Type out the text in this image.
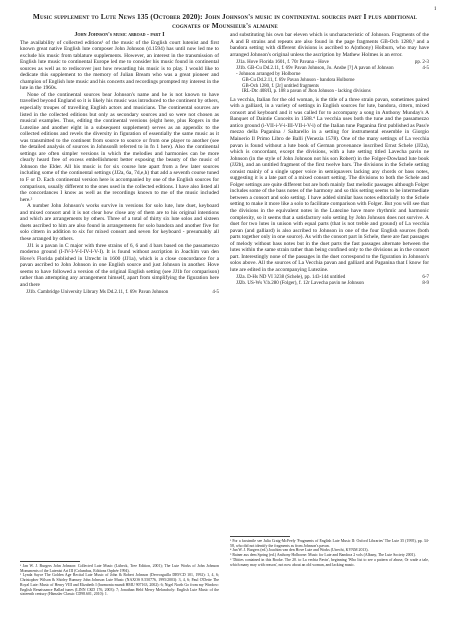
i
Music supplement to Lute News 135 (October 2020): John Johnson's music in continental sources part I plus additional cognates of Mounsieur's almaine
John Johnson's music abroad - part I

The availability of collected editions¹ of the music of the English court lutenist and first known great native English lute composer John Johnson (d.1594) has until now led me to exclude his music from tablature supplements. However, an interest in the transmission of English lute music to continental Europe led me to consider his music found in continental sources as well as to rediscover just how rewarding his music is to play. I would like to dedicate this supplement to the memory of Julian Bream who was a great pioneer and champion of English lute music and his concerts and recordings prompted my interest in the lute in the 1960s.

None of the continental sources bear Johnson's name and he is not known to have travelled beyond England so it is likely his music was introduced to the continent by others, especially troupes of travelling English actors and musicians. The continental sources are listed in the collected editions but only as secondary sources and so were not chosen as musical examples. Thus, editing the continental versions (eight here, plus Rogers in the Lutezine and another eight in a subsequent supplement) serves as an appendix to the collected editions and revels the diversity in figuration of essentially the same music as it was transmitted to the continent from source to source or from one player to another (see the detailed analysis of sources in JohnsonB referred to in fn 1 here). Also the continental settings are often simpler versions in which the melodies and harmonies can be more clearly heard free of excess embellishment better exposing the beauty of the music of Johnson the Elder. All his music is for six course lute apart from a few later sources including some of the continental settings (JJ2a, 6a, 7d,e,h) that add a seventh course tuned to F or D. Each continental version here is accompanied by one of the English sources for comparison, usually different to the ones used in the collected editions. I have also listed all the concordances I know as well as the recordings known to me of the music included here.²

A number John Johnson's works survive in versions for solo lute, lute duet, keyboard and mixed consort and it is not clear how close any of them are to his original intentions and which are arrangements by others. Three of a total of thirty six lute solos and sixteen duets ascribed to him are also found in arrangements for solo bandora and another five for solo cittern in addition to six for mixed consort and seven for keyboard - presumably all these arranged by others.

JJ1 is a pavan in C major with three strains of 6, 6 and 4 bars based on the passamezzo moderno ground (I-IV-I-V-I-IV-I-V-I). It is found without ascription in Joachim van den Hove's Florida published in Utrecht in 1600 (JJ1a), which is a close concordance for a pavan ascribed to John Johnson in one English source and just Johnson in another. Hove seems to have followed a version of the original English setting (see JJ1b for comparison) rather than attempting any arrangement himself, apart from simplifying the figuration here and there

JJ1b. Cambridge University Library Ms Dd.2.11, f. 69v Pavan Johnson	4-5

¹ Jan W. J. Burgers John Johnson: Collected Lute Music (Lübeck, Tree Edition, 2001); The Lute Works of John Johnson Monuments of the Lutenist Art III (Columbus, Editions Orphée 1994).

² Lynda Sayce The Golden Age Recital Lute Music of John & Robert Johnson (Dervorguilla DRVCD 101, 1992): 1, 4, 6; Christopher Wilson & Shirley Rumsey John Johnson Lute Music (NAXOS 8.550776, 1995/2003): 3, 4, 6; Paul O'Dette The Royal Lute: Music of Henry VIII and Elizabeth I (harmonia mundi HMU 907163, 2002): 6; Nigel North Go from my Window: English Renaissance Ballad tunes (LINN CKD 176, 2003): 7; Jonathan Held Merry Melancholy: English Lute Music of the sixteenth century (Hänssler Classic CD98.601, 2010): 1.

and substituting his own bar eleven which is uncharacteristic of Johnson. Fragments of the A and B strains and repeats are also found in the page fragments GB-Och 1280,³ and a bandora setting with different divisions is ascribed to A(nthony) Holburn, who may have arranged Johnson's original unless the ascription by Mathew Holmes is an error.

JJ1a. Hove Florida 1601, f. 70r Pavana - Hove	pp. 2-3
JJ1b. GB-Cu Dd.2.11, f. 69v Pavan Johnson, Jo. Ansbe [?] A pavan of Johnson	4-5
- Johnson arranged by Holborne
GB-Cu Dd.2.11, f. 69v Pavan Johnson - bandora Holborne
GB-Och 1280, f. [2r] untitled fragments
IRL-Dtc 408/II, p. 108 a pavan of Jhon Johnson - lacking divisions

La vecchia, Italian for the old woman, is the title of a three strain pavan, sometimes paired with a galliard, in a variety of settings in English sources for lute, bandora, cittern, mixed consort and keyboard and it was called for to accompany a song in Anthony Munday's A Banquet of Daintie Conceits in 1588.⁴ La vecchia uses both the tune and the passamezzo antico ground (i-VII-i-V-i-III-VII-i-V-i) of the Italian tune Paganina first published as Pass'e mezzo della Paganina / Saltarello in a setting for instrumental ensemble in Giorgio Mainerio Il Primo Libro de Balli (Venezia 1578). One of the many settings of La vecchia pavan is found without a lute book of German provenance inscribed Ernst Schele (JJ2a), which is concordant, except the divisions, with a lute setting titled Lavecha pavin ne Johnson (in the style of John Johnson not his son Robert) in the Folger-Dowland lute book (JJ2b), and an untitled fragment of the first twelve bars. The divisions in the Schele setting consist mainly of a single upper voice in semiquavers lacking any chords or bass notes, suggesting it is a late part of a mixed consort setting. The divisions to both the Schele and Folger settings are quite different but are both mainly fast melodic passages although Folger includes some of the bass notes of the harmony and so this setting seems to be intermediate between a consort and solo setting. I have added similar bass notes editorially to the Schele setting to make it more like a solo to facilitate comparison with Folger. But you will see that the divisions in the equivalent notes in the Lutezine have more rhythmic and harmonic complexity, so it seems that a satisfactory solo setting by John Johnson does not survive. A duet for two lutes in unison with equal parts (that is not treble and ground) of La vecchia pavan (and galliard) is also ascribed to Johnson in one of the four English sources (both parts together only in one source). As with the consort part in Schele, there are fast passages of melody without bass notes but in the duet parts the fast passages alternate between the lutes within the same strain rather than being confined only to the divisions as in the consort part. Interestingly none of the passages in the duet correspond to the figuration in Johnson's solos above. All the sources of La Vecchia pavan and galliard and Paganina that I know for lute are edited in the accompanying Lutezine.

JJ2a. D-Hs ND VI 3238 (Schele), pp. 143-144 untitled	6-7
JJ2b. US-Ws V.b.280 (Folger), f. 12r Lavecha pavin ne Johnson	8-9

³ For a facsimile see Julia Craig-McFeely 'Fragments of English Lute Music II: Oxford Libraries' The Lute 35 (1995), pp. 34-58, who did not identify the fragments as from Johnson's pavan.

⁴ Jan W. J. Burgers (ed.) Joachim van den Hove Lute and Works (Utrecht, KVNM 2013).

⁵ Rainer aus dem Spring (ed.) Anthony Holborne: Music for Lute and Bandora 2 vols (Albany, The Lute Society 2001).

⁶ 'Ditties contained in this Booke. The 20. to La vechia Pavin', beginning 'Who list to see a pattern of abuse, Or wade a tale, which many may with reason', not now about an old woman, and lacking music.
